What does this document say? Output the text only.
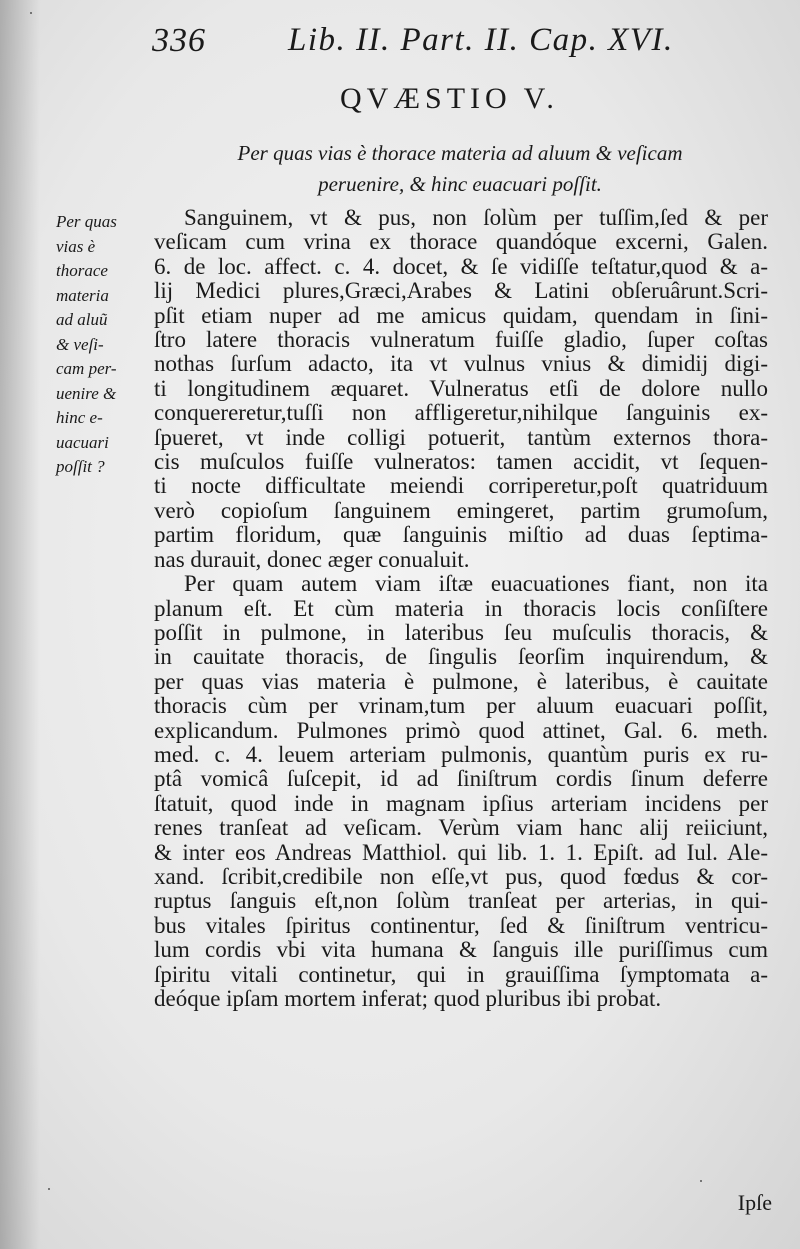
336 Lib. II. Part. II. Cap. XVI.
QVÆSTIO V.
Per quas vias è thorace materia ad aluum & veſicam
peruenire, & hinc euacuari poſſit.
Per quas
vias è
thorace
materia
ad aluũ
& veſi-
cam per-
uenire &
hinc e-
uacuari
poſſit ?
Sanguinem, vt & pus, non ſolùm per tuſſim,ſed & per
veſicam cum vrina ex thorace quandóque excerni, Galen.
6. de loc. affect. c. 4. docet, & ſe vidiſſe teſtatur,quod & a-
lij Medici plures,Græci,Arabes & Latini obſeruârunt.Scri-
pſit etiam nuper ad me amicus quidam, quendam in ſini-
ſtro latere thoracis vulneratum fuiſſe gladio, ſuper coſtas
nothas ſurſum adacto, ita vt vulnus vnius & dimidij digi-
ti longitudinem æquaret. Vulneratus etſi de dolore nullo
conquereretur,tuſſi non affligeretur,nihilque ſanguinis ex-
ſpueret, vt inde colligi potuerit, tantùm externos thora-
cis muſculos fuiſſe vulneratos: tamen accidit, vt ſequen-
ti nocte difficultate meiendi corriperetur,poſt quatriduum
verò copioſum ſanguinem emingeret, partim grumoſum,
partim floridum, quæ ſanguinis miſtio ad duas ſeptima-
nas durauit, donec æger conualuit.
Per quam autem viam iſtæ euacuationes fiant, non ita
planum eſt. Et cùm materia in thoracis locis conſiſtere
poſſit in pulmone, in lateribus ſeu muſculis thoracis, &
in cauitate thoracis, de ſingulis ſeorſim inquirendum, &
per quas vias materia è pulmone, è lateribus, è cauitate
thoracis cùm per vrinam,tum per aluum euacuari poſſit,
explicandum. Pulmones primò quod attinet, Gal. 6. meth.
med. c. 4. leuem arteriam pulmonis, quantùm puris ex ru-
ptâ vomicâ ſuſcepit, id ad ſiniſtrum cordis ſinum deferre
ſtatuit, quod inde in magnam ipſius arteriam incidens per
renes tranſeat ad veſicam. Verùm viam hanc alij reiiciunt,
& inter eos Andreas Matthiol. qui lib. 1. 1. Epiſt. ad Iul. Ale-
xand. ſcribit,credibile non eſſe,vt pus, quod fœdus & cor-
ruptus ſanguis eſt,non ſolùm tranſeat per arterias, in qui-
bus vitales ſpiritus continentur, ſed & ſiniſtrum ventricu-
lum cordis vbi vita humana & ſanguis ille puriſſimus cum
ſpiritu vitali continetur, qui in grauiſſima ſymptomata a-
deóque ipſam mortem inferat; quod pluribus ibi probat.
Ipſe
